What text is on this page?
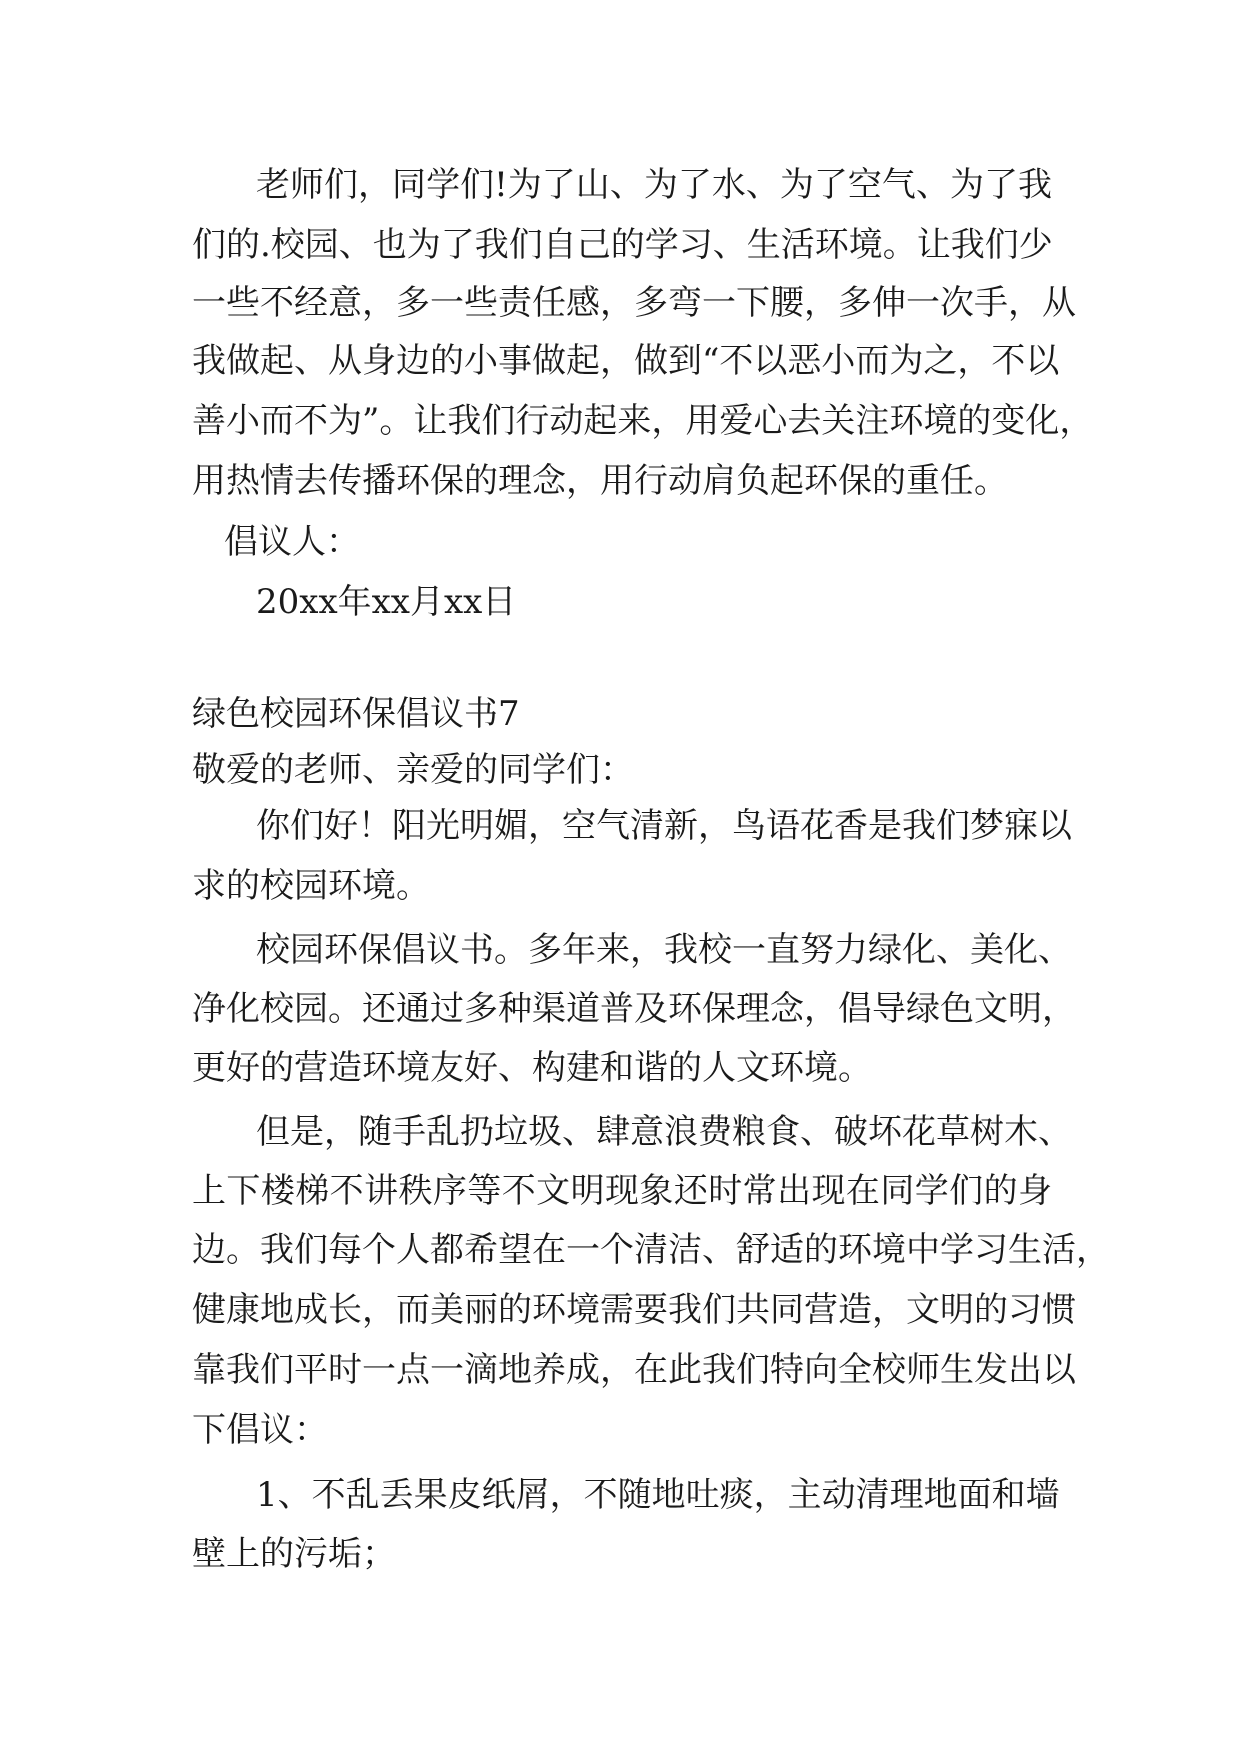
老师们，同学们!为了山、为了水、为了空气、为了我
们的.校园、也为了我们自己的学习、生活环境。让我们少
一些不经意，多一些责任感，多弯一下腰，多伸一次手，从
我做起、从身边的小事做起，做到“不以恶小而为之，不以
善小而不为”。让我们行动起来，用爱心去关注环境的变化，
用热情去传播环保的理念，用行动肩负起环保的重任。
倡议人：
20xx年xx月xx日
绿色校园环保倡议书7
敬爱的老师、亲爱的同学们：
你们好！阳光明媚，空气清新，鸟语花香是我们梦寐以
求的校园环境。
校园环保倡议书。多年来，我校一直努力绿化、美化、
净化校园。还通过多种渠道普及环保理念，倡导绿色文明，
更好的营造环境友好、构建和谐的人文环境。
但是，随手乱扔垃圾、肆意浪费粮食、破坏花草树木、
上下楼梯不讲秩序等不文明现象还时常出现在同学们的身
边。我们每个人都希望在一个清洁、舒适的环境中学习生活，
健康地成长，而美丽的环境需要我们共同营造，文明的习惯
靠我们平时一点一滴地养成，在此我们特向全校师生发出以
下倡议：
1、不乱丢果皮纸屑，不随地吐痰，主动清理地面和墙
壁上的污垢；
